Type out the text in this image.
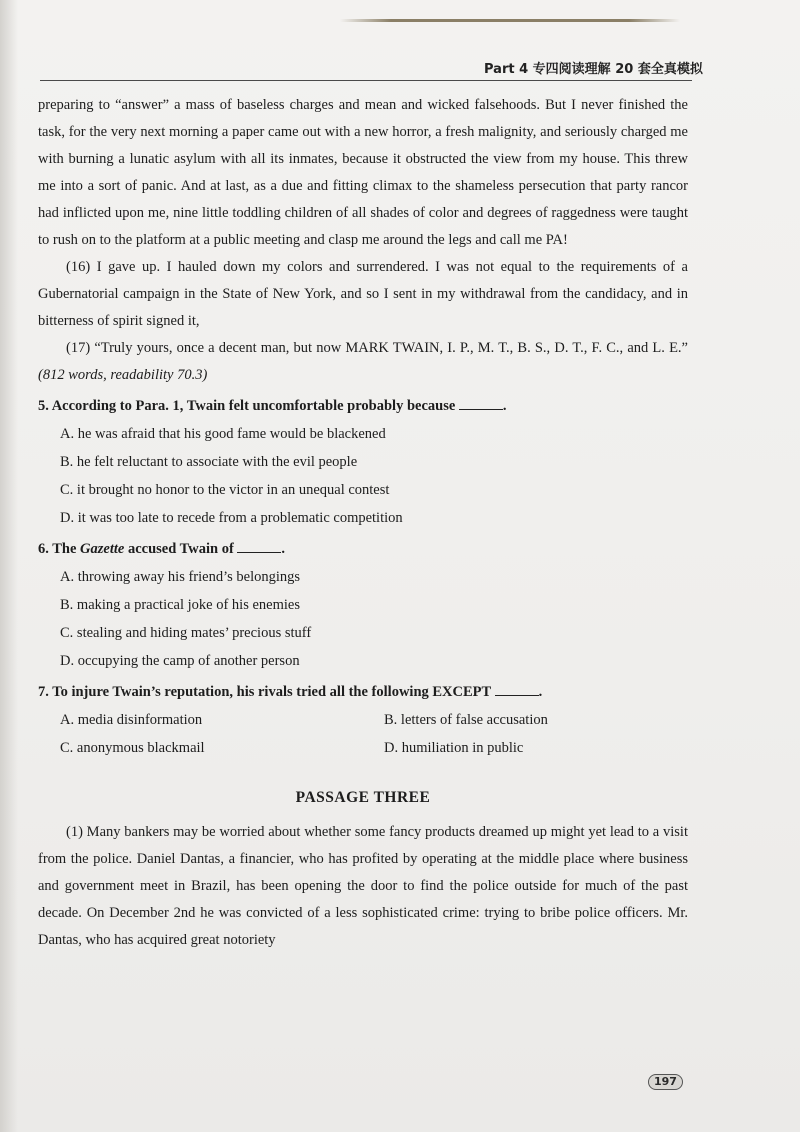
Part 4 专四阅读理解 20 套全真模拟

preparing to “answer” a mass of baseless charges and mean and wicked falsehoods. But I never finished the task, for the very next morning a paper came out with a new horror, a fresh malignity, and seriously charged me with burning a lunatic asylum with all its inmates, because it obstructed the view from my house. This threw me into a sort of panic. And at last, as a due and fitting climax to the shameless persecution that party rancor had inflicted upon me, nine little toddling children of all shades of color and degrees of raggedness were taught to rush on to the platform at a public meeting and clasp me around the legs and call me PA!

(16) I gave up. I hauled down my colors and surrendered. I was not equal to the requirements of a Gubernatorial campaign in the State of New York, and so I sent in my withdrawal from the candidacy, and in bitterness of spirit signed it,

(17) “Truly yours, once a decent man, but now MARK TWAIN, I. P., M. T., B. S., D. T., F. C., and L. E.” (812 words, readability 70.3)

5. According to Para. 1, Twain felt uncomfortable probably because	.

A. he was afraid that his good fame would be blackened

B. he felt reluctant to associate with the evil people

C. it brought no honor to the victor in an unequal contest

D. it was too late to recede from a problematic competition

6. The Gazette accused Twain of	.

A. throwing away his friend’s belongings

B. making a practical joke of his enemies

C. stealing and hiding mates’ precious stuff

D. occupying the camp of another person

7. To injure Twain’s reputation, his rivals tried all the following EXCEPT	.

A. media disinformation	B. letters of false accusation

C. anonymous blackmail	D. humiliation in public

PASSAGE THREE

(1) Many bankers may be worried about whether some fancy products dreamed up might yet lead to a visit from the police. Daniel Dantas, a financier, who has profited by operating at the middle place where business and government meet in Brazil, has been opening the door to find the police outside for much of the past decade. On December 2nd he was convicted of a less sophisticated crime: trying to bribe police officers. Mr. Dantas, who has acquired great notoriety

197
